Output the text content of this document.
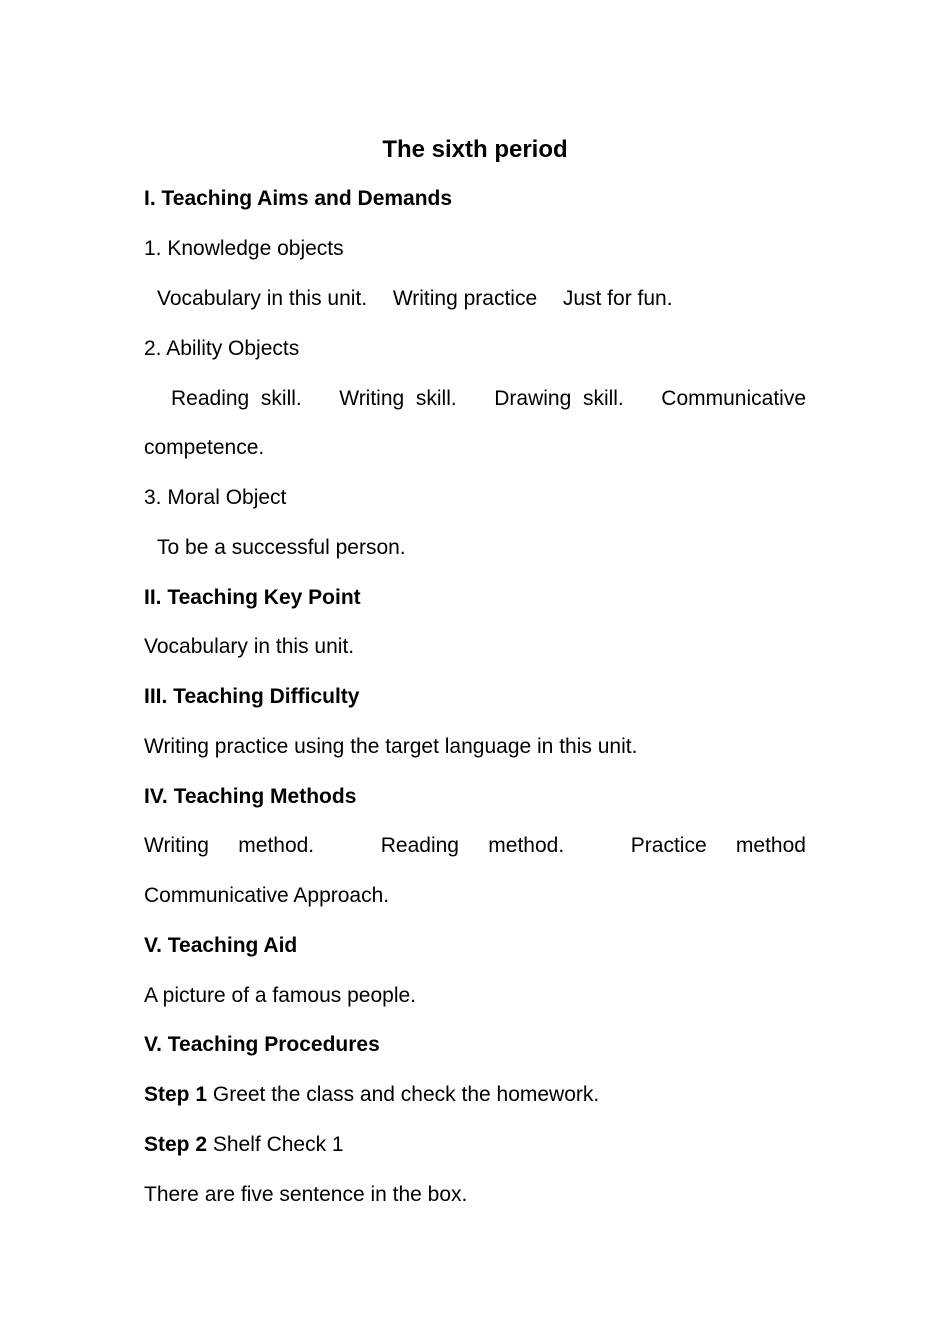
The sixth period
I. Teaching Aims and Demands
1. Knowledge objects
Vocabulary in this unit. Writing practice Just for fun.
2. Ability Objects
Reading skill. Writing skill. Drawing skill. Communicative
competence.
3. Moral Object
To be a successful person.
II. Teaching Key Point
Vocabulary in this unit.
III. Teaching Difficulty
Writing practice using the target language in this unit.
IV. Teaching Methods
Writing method.	Reading method.	Practice method
Communicative Approach.
V. Teaching Aid
A picture of a famous people.
V. Teaching Procedures
Step 1 Greet the class and check the homework.
Step 2 Shelf Check 1
There are five sentence in the box.
